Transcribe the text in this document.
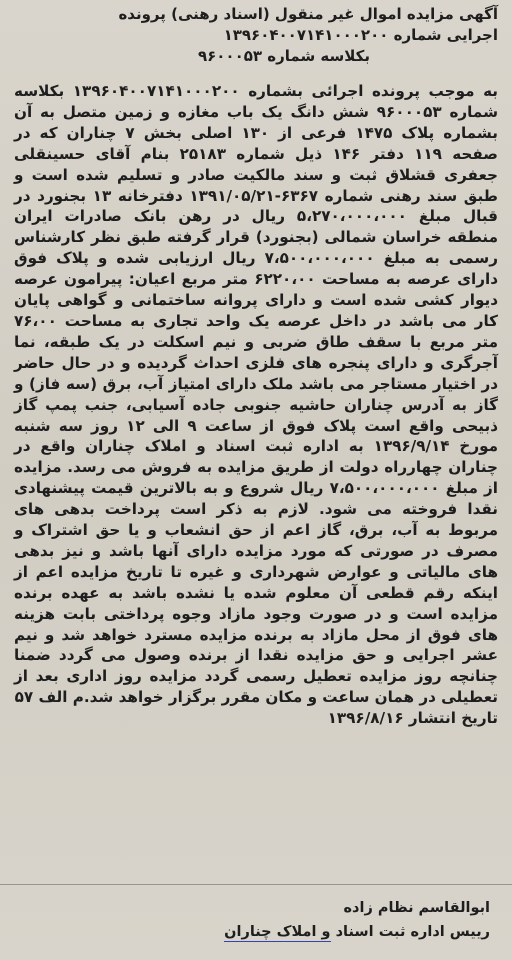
آگهی مزایده اموال غیر منقول (اسناد رهنی) پرونده
اجرایی شماره ۱۳۹۶۰۴۰۰۷۱۴۱۰۰۰۲۰۰
بکلاسه شماره ۹۶۰۰۰۵۳

به موجب پرونده اجرائی بشماره ۱۳۹۶۰۴۰۰۷۱۴۱۰۰۰۲۰۰ بکلاسه شماره ۹۶۰۰۰۵۳ شش دانگ یک باب مغازه و زمین متصل به آن بشماره پلاک ۱۴۷۵ فرعی از ۱۳۰ اصلی بخش ۷ چناران که در صفحه ۱۱۹ دفتر ۱۴۶ ذیل شماره ۲۵۱۸۳ بنام آقای حسینقلی جعفری قشلاق ثبت و سند مالکیت صادر و تسلیم شده است و طبق سند رهنی شماره ۶۳۶۷-۱۳۹۱/۰۵/۲۱ دفترخانه ۱۳ بجنورد در قبال مبلغ ۵،۲۷۰،۰۰۰،۰۰۰ ریال در رهن بانک صادرات ایران منطقه خراسان شمالی (بجنورد) قرار گرفته طبق نظر کارشناس رسمی به مبلغ ۷،۵۰۰،۰۰۰،۰۰۰ ریال ارزیابی شده و پلاک فوق دارای عرصه به مساحت ۶۲۲۰،۰۰ متر مربع اعیان: پیرامون عرصه دیوار کشی شده است و دارای پروانه ساختمانی و گواهی پایان کار می باشد در داخل عرصه یک واحد تجاری به مساحت ۷۶،۰۰ متر مربع با سقف طاق ضربی و نیم اسکلت در یک طبقه، نما آجرگری و دارای پنجره های فلزی احداث گردیده و در حال حاضر در اختیار مستاجر می باشد ملک دارای امتیاز آب، برق (سه فاز) و گاز به آدرس چناران حاشیه جنوبی جاده آسیابی، جنب پمپ گاز ذبیحی واقع است پلاک فوق از ساعت ۹ الی ۱۲ روز سه شنبه مورخ ۱۳۹۶/۹/۱۴ به اداره ثبت اسناد و املاک چناران واقع در چناران چهارراه دولت از طریق مزایده به فروش می رسد. مزایده از مبلغ ۷،۵۰۰،۰۰۰،۰۰۰ ریال شروع و به بالاترین قیمت پیشنهادی نقدا فروخته می شود. لازم به ذکر است پرداخت بدهی های مربوط به آب، برق، گاز اعم از حق انشعاب و یا حق اشتراک و مصرف در صورتی که مورد مزایده دارای آنها باشد و نیز بدهی های مالیاتی و عوارض شهرداری و غیره تا تاریخ مزایده اعم از اینکه رقم قطعی آن معلوم شده یا نشده باشد به عهده برنده مزایده است و در صورت وجود مازاد وجوه پرداختی بابت هزینه های فوق از محل مازاد به برنده مزایده مسترد خواهد شد و نیم عشر اجرایی و حق مزایده نقدا از برنده وصول می گردد ضمنا چنانچه روز مزایده تعطیل رسمی گردد مزایده روز اداری بعد از تعطیلی در همان ساعت و مکان مقرر برگزار خواهد شد.م الف ۵۷

تاریخ انتشار ۱۳۹۶/۸/۱۶

ابوالقاسم نظام زاده
رییس اداره ثبت اسناد و املاک چناران
